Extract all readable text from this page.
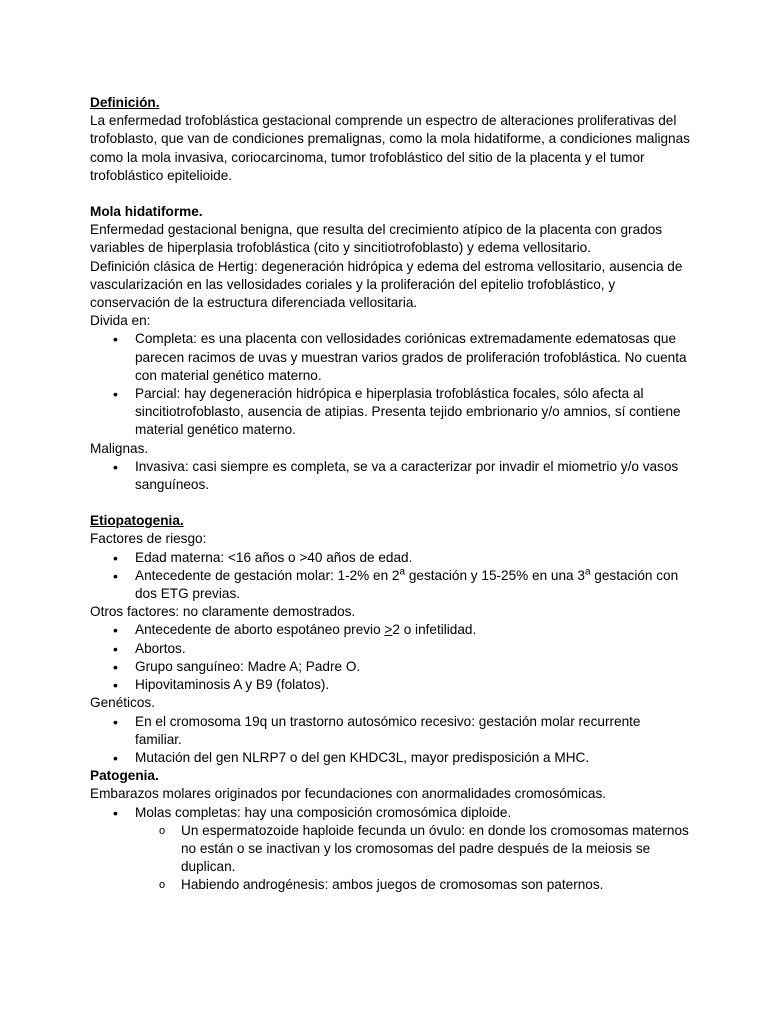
Definición.

La enfermedad trofoblástica gestacional comprende un espectro de alteraciones proliferativas del trofoblasto, que van de condiciones premalignas, como la mola hidatiforme, a condiciones malignas como la mola invasiva, coriocarcinoma, tumor trofoblástico del sitio de la placenta y el tumor trofoblástico epitelioide.

Mola hidatiforme.

Enfermedad gestacional benigna, que resulta del crecimiento atípico de la placenta con grados variables de hiperplasia trofoblástica (cito y sincitiotrofoblasto) y edema vellositario.

Definición clásica de Hertig: degeneración hidrópica y edema del estroma vellositario, ausencia de vascularización en las vellosidades coriales y la proliferación del epitelio trofoblástico, y conservación de la estructura diferenciada vellositaria.

Divida en:

• Completa: es una placenta con vellosidades coriónicas extremadamente edematosas que parecen racimos de uvas y muestran varios grados de proliferación trofoblástica. No cuenta con material genético materno.
• Parcial: hay degeneración hidrópica e hiperplasia trofoblástica focales, sólo afecta al sincitiotrofoblasto, ausencia de atipias. Presenta tejido embrionario y/o amnios, sí contiene material genético materno.

Malignas.

• Invasiva: casi siempre es completa, se va a caracterizar por invadir el miometrio y/o vasos sanguíneos.

Etiopatogenia.

Factores de riesgo:

• Edad materna: <16 años o >40 años de edad.
• Antecedente de gestación molar: 1-2% en 2$^a$ gestación y 15-25% en una 3$^a$ gestación con dos ETG previas.

Otros factores: no claramente demostrados.

• Antecedente de aborto espotáneo previo ≥2 o infetilidad.
• Abortos.
• Grupo sanguíneo: Madre A; Padre O.
• Hipovitaminosis A y B9 (folatos).

Genéticos.

• En el cromosoma 19q un trastorno autosómico recesivo: gestación molar recurrente familiar.
• Mutación del gen NLRP7 o del gen KHDC3L, mayor predisposición a MHC.

Patogenia.

Embarazos molares originados por fecundaciones con anormalidades cromosómicas.

• Molas completas: hay una composición cromosómica diploide.
o Un espermatozoide haploide fecunda un óvulo: en donde los cromosomas maternos no están o se inactivan y los cromosomas del padre después de la meiosis se duplican.
o Habiendo androgénesis: ambos juegos de cromosomas son paternos.
